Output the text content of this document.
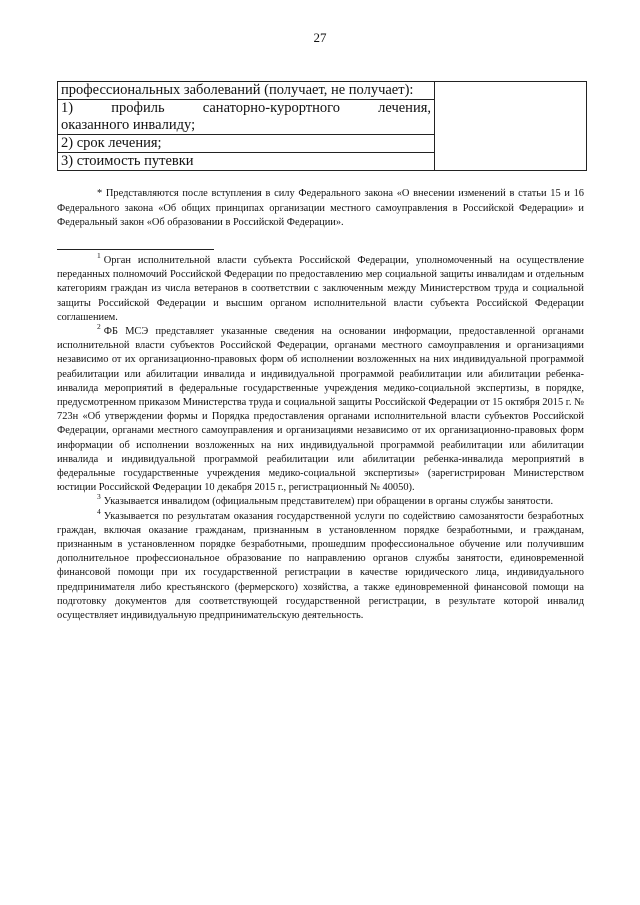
27
профессиональных заболеваний (получает, не получает):	

1)	профиль санаторно-курортного лечения,
оказанного инвалиду;

2) срок лечения;
3) стоимость путевки
* Представляются после вступления в силу Федерального закона «О внесении изменений в статьи 15 и 16 Федерального закона «Об общих принципах организации местного самоуправления в Российской Федерации» и Федеральный закон «Об образовании в Российской Федерации».

$^1$ Орган исполнительной власти субъекта Российской Федерации, уполномоченный на осуществление переданных полномочий Российской Федерации по предоставлению мер социальной защиты инвалидам и отдельным категориям граждан из числа ветеранов в соответствии с заключенным между Министерством труда и социальной защиты Российской Федерации и высшим органом исполнительной власти субъекта Российской Федерации соглашением.

$^2$ ФБ МСЭ представляет указанные сведения на основании информации, предоставленной органами исполнительной власти субъектов Российской Федерации, органами местного самоуправления и организациями независимо от их организационно-правовых форм об исполнении возложенных на них индивидуальной программой реабилитации или абилитации инвалида и индивидуальной программой реабилитации или абилитации ребенка-инвалида мероприятий в федеральные государственные учреждения медико-социальной экспертизы, в порядке, предусмотренном приказом Министерства труда и социальной защиты Российской Федерации от 15 октября 2015 г. № 723н «Об утверждении формы и Порядка предоставления органами исполнительной власти субъектов Российской Федерации, органами местного самоуправления и организациями независимо от их организационно-правовых форм информации об исполнении возложенных на них индивидуальной программой реабилитации или абилитации инвалида и индивидуальной программой реабилитации или абилитации ребенка-инвалида мероприятий в федеральные государственные учреждения медико-социальной экспертизы» (зарегистрирован Министерством юстиции Российской Федерации 10 декабря 2015 г., регистрационный № 40050).

$^3$ Указывается инвалидом (официальным представителем) при обращении в органы службы занятости.

$^4$ Указывается по результатам оказания государственной услуги по содействию самозанятости безработных граждан, включая оказание гражданам, признанным в установленном порядке безработными, и гражданам, признанным в установленном порядке безработными, прошедшим профессиональное обучение или получившим дополнительное профессиональное образование по направлению органов службы занятости, единовременной финансовой помощи при их государственной регистрации в качестве юридического лица, индивидуального предпринимателя либо крестьянского (фермерского) хозяйства, а также единовременной финансовой помощи на подготовку документов для соответствующей государственной регистрации, в результате которой инвалид осуществляет индивидуальную предпринимательскую деятельность.
